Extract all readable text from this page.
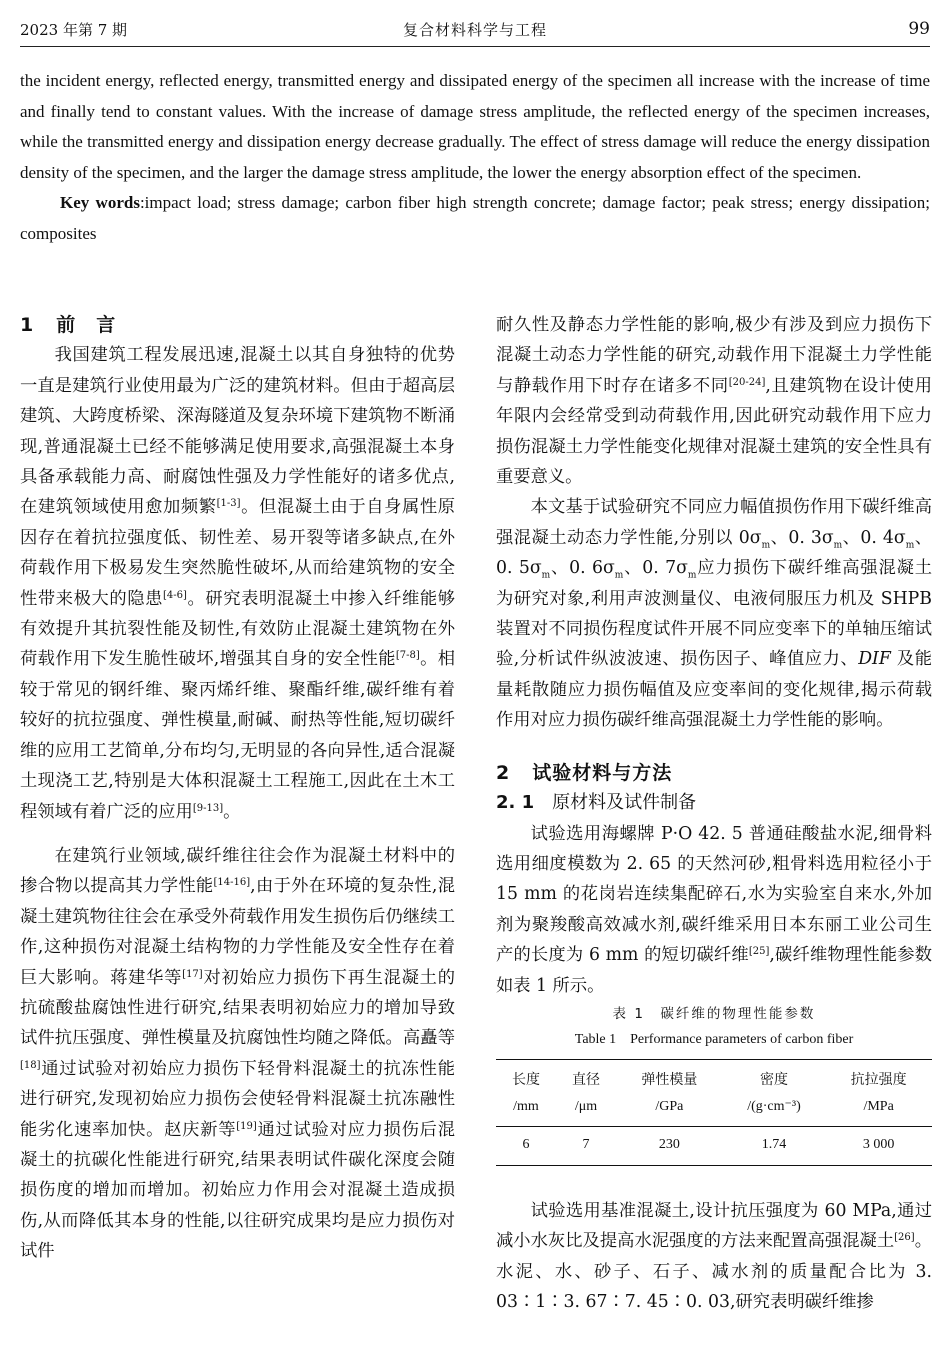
2023 年第 7 期	复合材料科学与工程	99

the incident energy, reflected energy, transmitted energy and dissipated energy of the specimen all increase with the increase of time and finally tend to constant values. With the increase of damage stress amplitude, the reflected energy of the specimen increases, while the transmitted energy and dissipation energy decrease gradually. The effect of stress damage will reduce the energy dissipation density of the specimen, and the larger the damage stress amplitude, the lower the energy absorption effect of the specimen.

Key words:impact load; stress damage; carbon fiber high strength concrete; damage factor; peak stress; energy dissipation; composites

1 前　言

我国建筑工程发展迅速,混凝土以其自身独特的优势一直是建筑行业使用最为广泛的建筑材料。但由于超高层建筑、大跨度桥梁、深海隧道及复杂环境下建筑物不断涌现,普通混凝土已经不能够满足使用要求,高强混凝土本身具备承载能力高、耐腐蚀性强及力学性能好的诸多优点,在建筑领域使用愈加频繁[1-3]。但混凝土由于自身属性原因存在着抗拉强度低、韧性差、易开裂等诸多缺点,在外荷载作用下极易发生突然脆性破坏,从而给建筑物的安全性带来极大的隐患[4-6]。研究表明混凝土中掺入纤维能够有效提升其抗裂性能及韧性,有效防止混凝土建筑物在外荷载作用下发生脆性破坏,增强其自身的安全性能[7-8]。相较于常见的钢纤维、聚丙烯纤维、聚酯纤维,碳纤维有着较好的抗拉强度、弹性模量,耐碱、耐热等性能,短切碳纤维的应用工艺简单,分布均匀,无明显的各向异性,适合混凝土现浇工艺,特别是大体积混凝土工程施工,因此在土木工程领域有着广泛的应用[9-13]。

在建筑行业领域,碳纤维往往会作为混凝土材料中的掺合物以提高其力学性能[14-16],由于外在环境的复杂性,混凝土建筑物往往会在承受外荷载作用发生损伤后仍继续工作,这种损伤对混凝土结构物的力学性能及安全性存在着巨大影响。蒋建华等[17]对初始应力损伤下再生混凝土的抗硫酸盐腐蚀性进行研究,结果表明初始应力的增加导致试件抗压强度、弹性模量及抗腐蚀性均随之降低。高矗等[18]通过试验对初始应力损伤下轻骨料混凝土的抗冻性能进行研究,发现初始应力损伤会使轻骨料混凝土抗冻融性能劣化速率加快。赵庆新等[19]通过试验对应力损伤后混凝土的抗碳化性能进行研究,结果表明试件碳化深度会随损伤度的增加而增加。初始应力作用会对混凝土造成损伤,从而降低其本身的性能,以往研究成果均是应力损伤对试件

耐久性及静态力学性能的影响,极少有涉及到应力损伤下混凝土动态力学性能的研究,动载作用下混凝土力学性能与静载作用下时存在诸多不同[20-24],且建筑物在设计使用年限内会经常受到动荷载作用,因此研究动载作用下应力损伤混凝土力学性能变化规律对混凝土建筑的安全性具有重要意义。

本文基于试验研究不同应力幅值损伤作用下碳纤维高强混凝土动态力学性能,分别以 $0\sigma_m$、0. $3\sigma_m$、0. $4\sigma_m$、0. $5\sigma_m$、0. $6\sigma_m$、0. $7\sigma_m$应力损伤下碳纤维高强混凝土为研究对象,利用声波测量仪、电液伺服压力机及 SHPB 装置对不同损伤程度试件开展不同应变率下的单轴压缩试验,分析试件纵波波速、损伤因子、峰值应力、DIF 及能量耗散随应力损伤幅值及应变率间的变化规律,揭示荷载作用对应力损伤碳纤维高强混凝土力学性能的影响。

2 试验材料与方法

2. 1 原材料及试件制备

试验选用海螺牌 P·O 42. 5 普通硅酸盐水泥,细骨料选用细度模数为 2. 65 的天然河砂,粗骨料选用粒径小于 15 mm 的花岗岩连续集配碎石,水为实验室自来水,外加剂为聚羧酸高效减水剂,碳纤维采用日本东丽工业公司生产的长度为 6 mm 的短切碳纤维[25],碳纤维物理性能参数如表 1 所示。

表 1　碳纤维的物理性能参数

Table 1　Performance parameters of carbon fiber

长度	直径	弹性模量	密度	抗拉强度
/mm	/μm	/GPa	/(g·cm⁻³)	/MPa
6	7	230	1.74	3 000

试验选用基准混凝土,设计抗压强度为 60 MPa,通过减小水灰比及提高水泥强度的方法来配置高强混凝土[26]。水泥、水、砂子、石子、减水剂的质量配合比为 3. 03∶1∶3. 67∶7. 45∶0. 03,研究表明碳纤维掺
